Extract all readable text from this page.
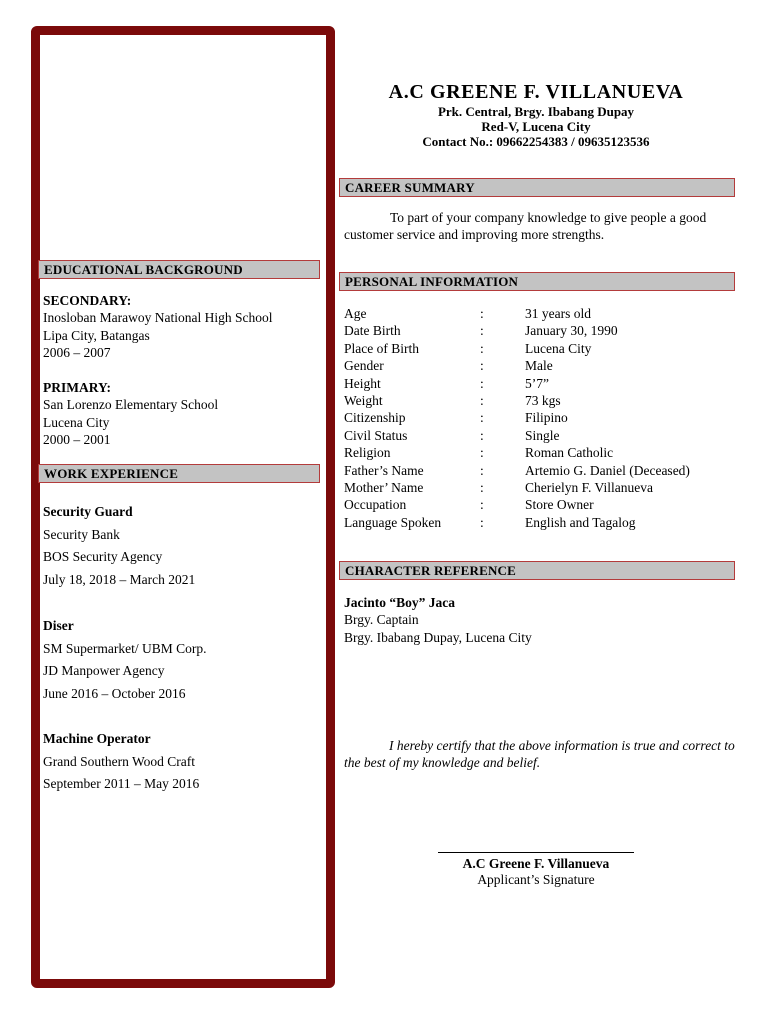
EDUCATIONAL BACKGROUND
SECONDARY:
Inosloban Marawoy National High School
Lipa City, Batangas
2006 – 2007
PRIMARY:
San Lorenzo Elementary School
Lucena City
2000 – 2001
WORK EXPERIENCE
Security Guard
Security Bank
BOS Security Agency
July 18, 2018 – March 2021
Diser
SM Supermarket/ UBM Corp.
JD Manpower Agency
June 2016 – October 2016
Machine Operator
Grand Southern Wood Craft
September 2011 – May 2016
A.C GREENE F. VILLANUEVA
Prk. Central, Brgy. Ibabang Dupay
Red-V, Lucena City
Contact No.: 09662254383 / 09635123536
CAREER SUMMARY
To part of your company knowledge to give people a good customer service and improving more strengths.
PERSONAL INFORMATION
Age	:	31 years old
Date Birth	:	January 30, 1990
Place of Birth	:	Lucena City
Gender	:	Male
Height	:	5’7”
Weight	:	73 kgs
Citizenship	:	Filipino
Civil Status	:	Single
Religion	:	Roman Catholic
Father’s Name	:	Artemio G. Daniel (Deceased)
Mother’ Name	:	Cherielyn F. Villanueva
Occupation	:	Store Owner
Language Spoken	:	English and Tagalog
CHARACTER REFERENCE
Jacinto “Boy” Jaca
Brgy. Captain
Brgy. Ibabang Dupay, Lucena City
I hereby certify that the above information is true and correct to the best of my knowledge and belief.
A.C Greene F. Villanueva
Applicant’s Signature
